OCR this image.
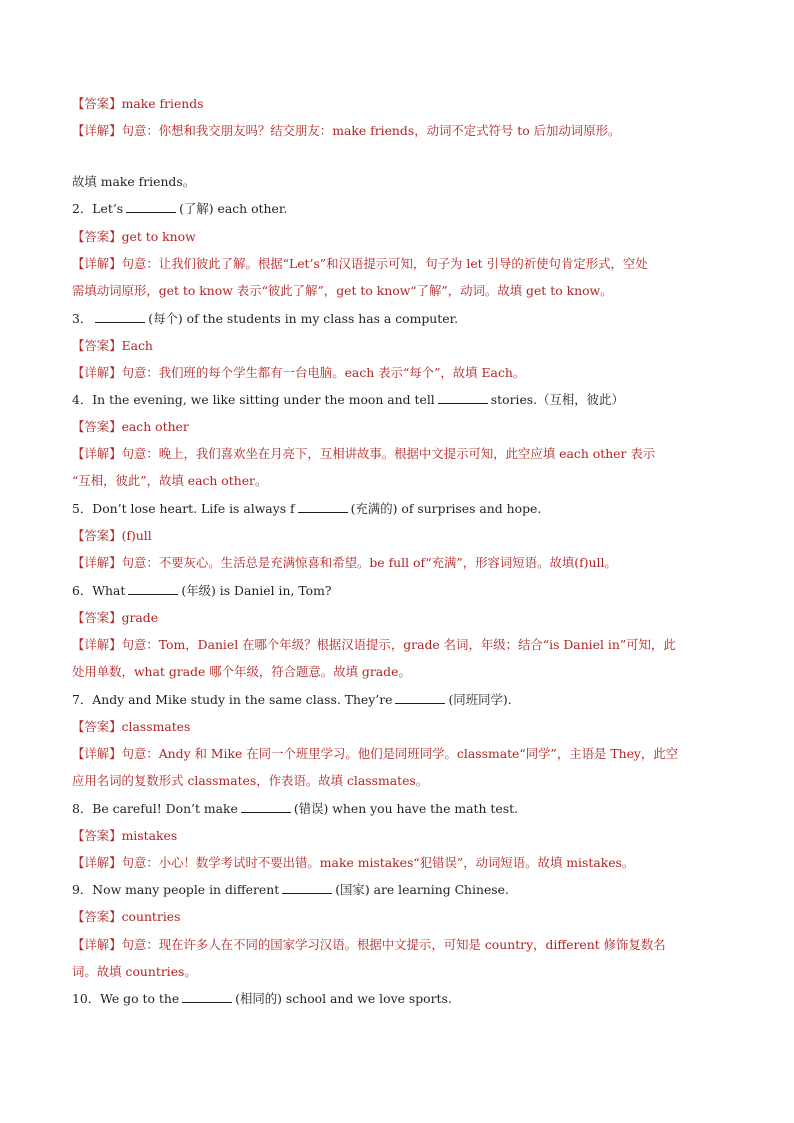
【答案】make friends
【详解】句意：你想和我交朋友吗？结交朋友：make friends，动词不定式符号 to 后加动词原形。
故填 make friends。
2．Let’s	(了解) each other.
【答案】get to know
【详解】句意：让我们彼此了解。根据“Let’s”和汉语提示可知，句子为 let 引导的祈使句肯定形式，空处
需填动词原形，get to know 表示“彼此了解”，get to know“了解”，动词。故填 get to know。
3．	(每个) of the students in my class has a computer.
【答案】Each
【详解】句意：我们班的每个学生都有一台电脑。each 表示“每个”，故填 Each。
4．In the evening, we like sitting under the moon and tell	stories.（互相，彼此）
【答案】each other
【详解】句意：晚上，我们喜欢坐在月亮下，互相讲故事。根据中文提示可知，此空应填 each other 表示
“互相，彼此”，故填 each other。
5．Don’t lose heart. Life is always f	(充满的) of surprises and hope.
【答案】(f)ull
【详解】句意：不要灰心。生活总是充满惊喜和希望。be full of“充满”，形容词短语。故填(f)ull。
6．What	(年级) is Daniel in, Tom?
【答案】grade
【详解】句意：Tom，Daniel 在哪个年级？根据汉语提示，grade 名词，年级；结合“is Daniel in”可知，此
处用单数，what grade 哪个年级，符合题意。故填 grade。
7．Andy and Mike study in the same class. They’re	(同班同学).
【答案】classmates
【详解】句意：Andy 和 Mike 在同一个班里学习。他们是同班同学。classmate“同学”，主语是 They，此空
应用名词的复数形式 classmates，作表语。故填 classmates。
8．Be careful! Don’t make	(错误) when you have the math test.
【答案】mistakes
【详解】句意：小心！数学考试时不要出错。make mistakes“犯错误”，动词短语。故填 mistakes。
9．Now many people in different	(国家) are learning Chinese.
【答案】countries
【详解】句意：现在许多人在不同的国家学习汉语。根据中文提示，可知是 country，different 修饰复数名
词。故填 countries。
10．We go to the	(相同的) school and we love sports.
